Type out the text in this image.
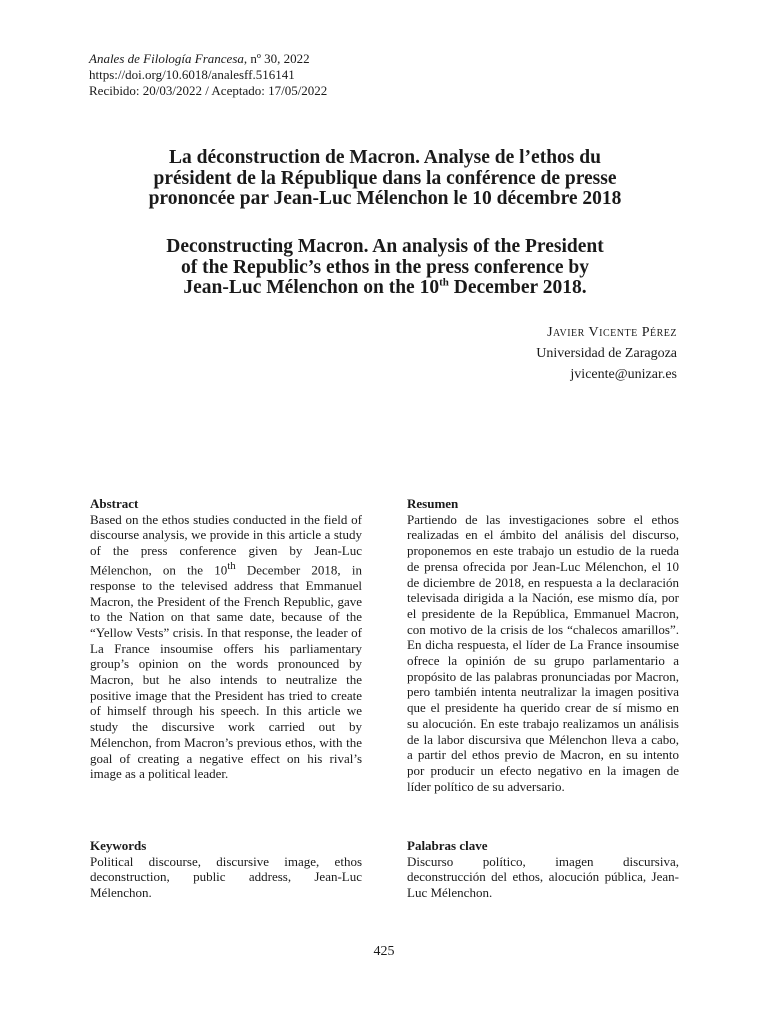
Anales de Filología Francesa, nº 30, 2022
https://doi.org/10.6018/analesff.516141
Recibido: 20/03/2022 / Aceptado: 17/05/2022
La déconstruction de Macron. Analyse de l’ethos du
président de la République dans la conférence de presse
prononcée par Jean-Luc Mélenchon le 10 décembre 2018
Deconstructing Macron. An analysis of the President
of the Republic’s ethos in the press conference by
Jean-Luc Mélenchon on the 10th December 2018.
Javier Vicente Pérez
Universidad de Zaragoza
jvicente@unizar.es
Abstract
Based on the ethos studies conducted in the field of discourse analysis, we provide in this article a study of the press conference given by Jean-Luc Mélenchon, on the 10th December 2018, in response to the televised address that Emmanuel Macron, the President of the French Republic, gave to the Nation on that same date, because of the “Yellow Vests” crisis. In that response, the leader of La France insoumise offers his parliamentary group’s opinion on the words pronounced by Macron, but he also intends to neutralize the positive image that the President has tried to create of himself through his speech. In this article we study the discursive work carried out by Mélenchon, from Macron’s previous ethos, with the goal of creating a negative effect on his rival’s image as a political leader.
Keywords
Political discourse, discursive image, ethos deconstruction, public address, Jean-Luc Mélenchon.
Resumen
Partiendo de las investigaciones sobre el ethos realizadas en el ámbito del análisis del discurso, proponemos en este trabajo un estudio de la rueda de prensa ofrecida por Jean-Luc Mélenchon, el 10 de diciembre de 2018, en respuesta a la declaración televisada dirigida a la Nación, ese mismo día, por el presidente de la República, Emmanuel Macron, con motivo de la crisis de los “chalecos amarillos”. En dicha respuesta, el líder de La France insoumise ofrece la opinión de su grupo parlamentario a propósito de las palabras pronunciadas por Macron, pero también intenta neutralizar la imagen positiva que el presidente ha querido crear de sí mismo en su alocución. En este trabajo realizamos un análisis de la labor discursiva que Mélenchon lleva a cabo, a partir del ethos previo de Macron, en su intento por producir un efecto negativo en la imagen de líder político de su adversario.
Palabras clave
Discurso político, imagen discursiva, deconstrucción del ethos, alocución pública, Jean-Luc Mélenchon.
425
